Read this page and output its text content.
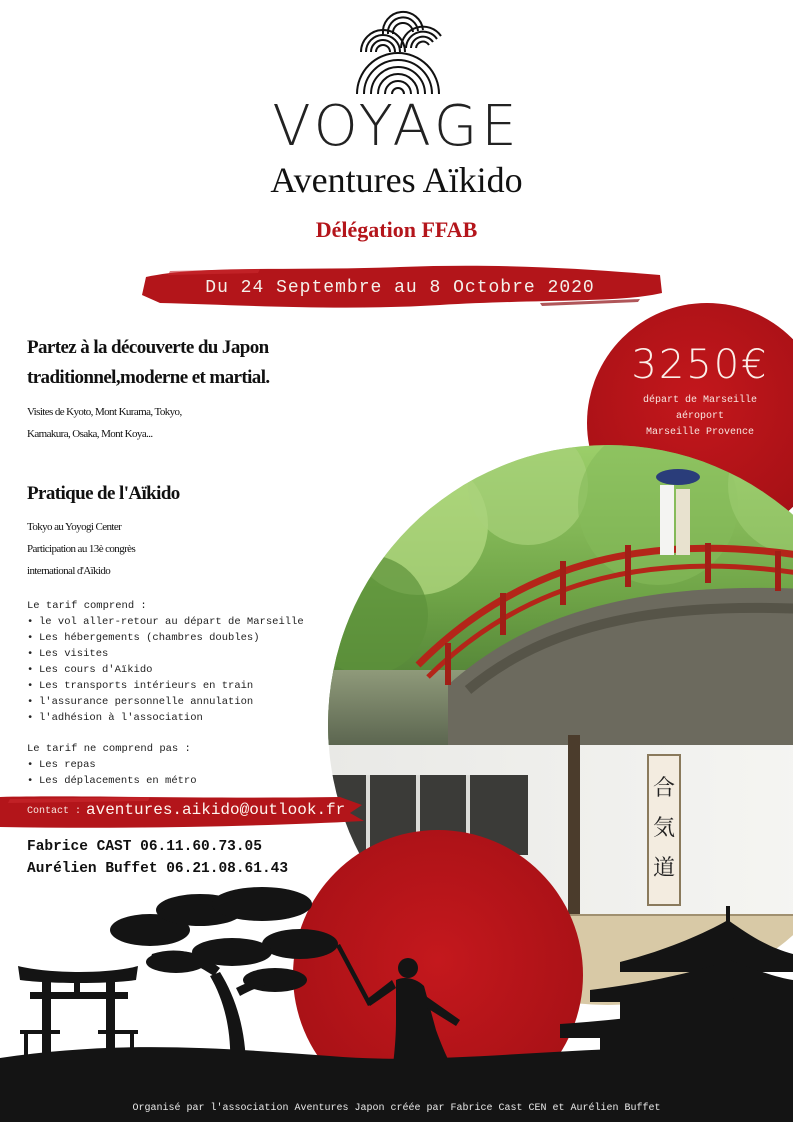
VOYAGE
Aventures Aïkido
Délégation FFAB
Du 24 Septembre au 8 Octobre 2020
3250€
départ de Marseille
aéroport
Marseille Provence
合
気
道
Partez à la découverte du Japon
traditionnel,moderne et martial.
Visites de Kyoto, Mont Kurama, Tokyo,
Kamakura, Osaka, Mont Koya...
Pratique de l'Aïkido
Tokyo au Yoyogi Center
Participation au 13è congrès
international d'Aïkido
Le tarif comprend :
• le vol aller-retour au départ de Marseille
• Les hébergements (chambres doubles)
• Les visites
• Les cours d'Aïkido
• Les transports intérieurs en train
• l'assurance personnelle annulation
• l'adhésion à l'association
Le tarif ne comprend pas :
• Les repas
• Les déplacements en métro
Contact : aventures.aikido@outlook.fr
Fabrice CAST 06.11.60.73.05
Aurélien Buffet 06.21.08.61.43
Organisé par l'association Aventures Japon créée par Fabrice Cast CEN et Aurélien Buffet
